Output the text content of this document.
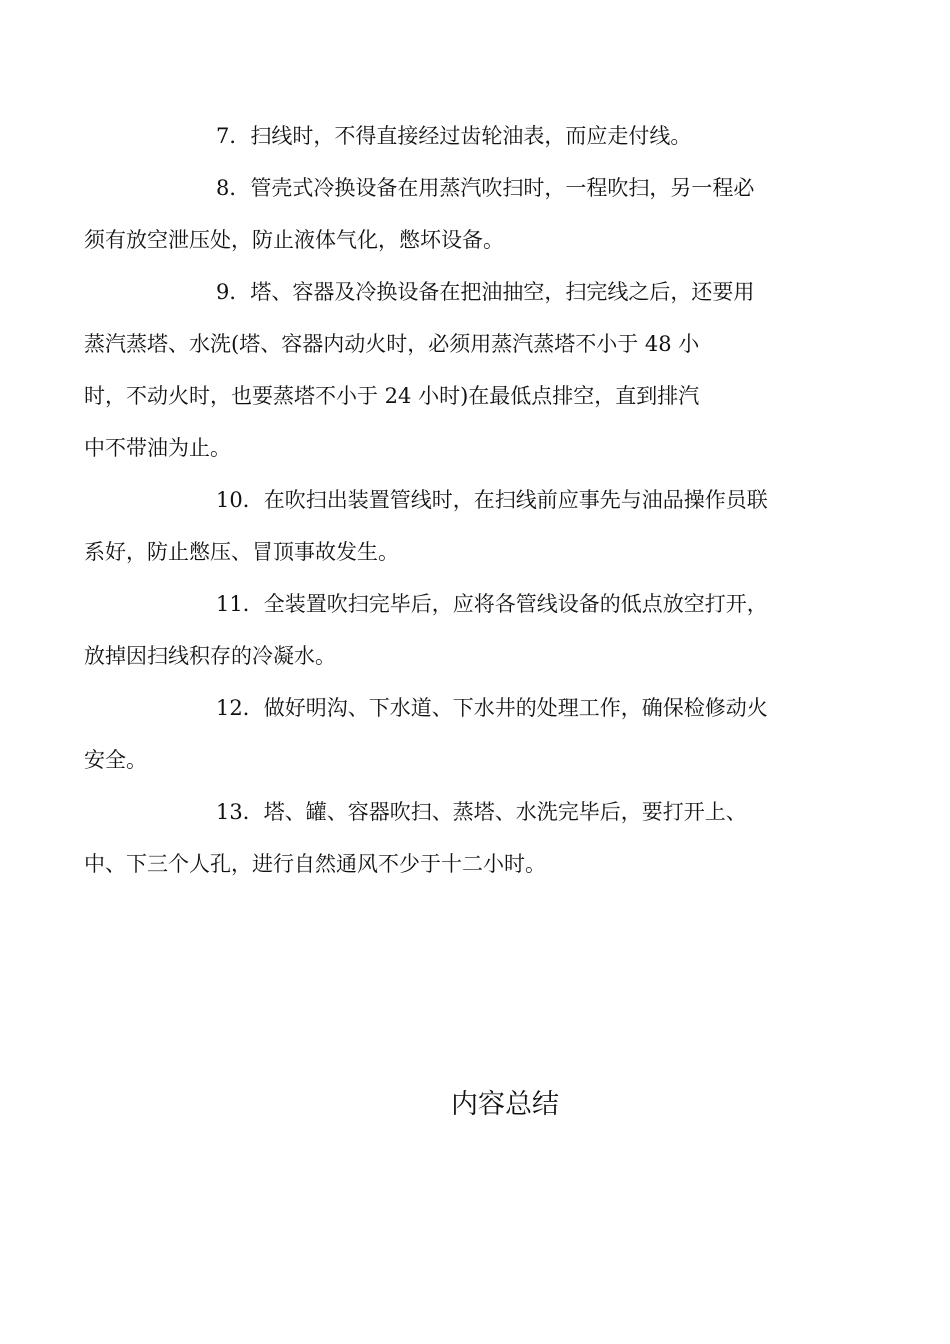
7．扫线时，不得直接经过齿轮油表，而应走付线。

8．管壳式冷换设备在用蒸汽吹扫时，一程吹扫，另一程必
须有放空泄压处，防止液体气化，憋坏设备。

9．塔、容器及冷换设备在把油抽空，扫完线之后，还要用
蒸汽蒸塔、水洗(塔、容器内动火时，必须用蒸汽蒸塔不小于 48 小
时，不动火时，也要蒸塔不小于 24 小时)在最低点排空，直到排汽
中不带油为止。

10．在吹扫出装置管线时，在扫线前应事先与油品操作员联
系好，防止憋压、冒顶事故发生。

11．全装置吹扫完毕后，应将各管线设备的低点放空打开，
放掉因扫线积存的冷凝水。

12．做好明沟、下水道、下水井的处理工作，确保检修动火
安全。

13．塔、罐、容器吹扫、蒸塔、水洗完毕后，要打开上、
中、下三个人孔，进行自然通风不少于十二小时。

内容总结
